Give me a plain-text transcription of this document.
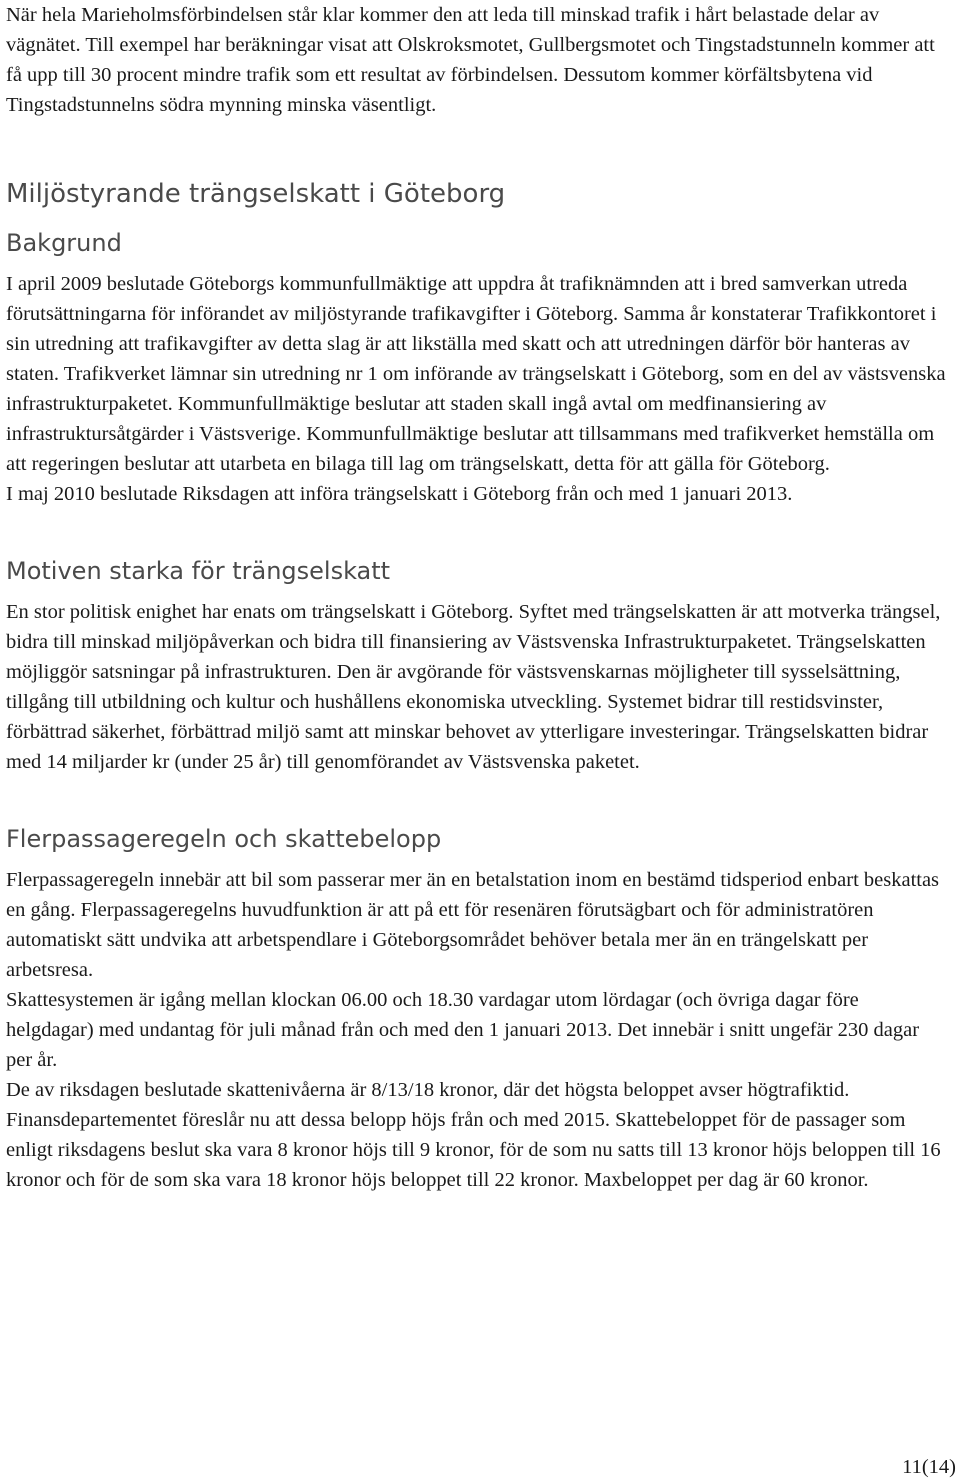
När hela Marieholmsförbindelsen står klar kommer den att leda till minskad trafik i hårt belastade delar av vägnätet. Till exempel har beräkningar visat att Olskroksmotet, Gullbergsmotet och Tingstadstunneln kommer att få upp till 30 procent mindre trafik som ett resultat av förbindelsen. Dessutom kommer körfältsbytena vid Tingstadstunnelns södra mynning minska väsentligt.

Miljöstyrande trängselskatt i Göteborg
Bakgrund

I april 2009 beslutade Göteborgs kommunfullmäktige att uppdra åt trafiknämnden att i bred samverkan utreda förutsättningarna för införandet av miljöstyrande trafikavgifter i Göteborg. Samma år konstaterar Trafikkontoret i sin utredning att trafikavgifter av detta slag är att likställa med skatt och att utredningen därför bör hanteras av staten. Trafikverket lämnar sin utredning nr 1 om införande av trängselskatt i Göteborg, som en del av västsvenska infrastrukturpaketet. Kommunfullmäktige beslutar att staden skall ingå avtal om medfinansiering av infrastruktursåtgärder i Västsverige. Kommunfullmäktige beslutar att tillsammans med trafikverket hemställa om att regeringen beslutar att utarbeta en bilaga till lag om trängselskatt, detta för att gälla för Göteborg.

I maj 2010 beslutade Riksdagen att införa trängselskatt i Göteborg från och med 1 januari 2013.

Motiven starka för trängselskatt

En stor politisk enighet har enats om trängselskatt i Göteborg. Syftet med trängselskatten är att motverka trängsel, bidra till minskad miljöpåverkan och bidra till finansiering av Västsvenska Infrastrukturpaketet. Trängselskatten möjliggör satsningar på infrastrukturen. Den är avgörande för västsvenskarnas möjligheter till sysselsättning, tillgång till utbildning och kultur och hushållens ekonomiska utveckling. Systemet bidrar till restidsvinster, förbättrad säkerhet, förbättrad miljö samt att minskar behovet av ytterligare investeringar. Trängselskatten bidrar med 14 miljarder kr (under 25 år) till genomförandet av Västsvenska paketet.

Flerpassageregeln och skattebelopp

Flerpassageregeln innebär att bil som passerar mer än en betalstation inom en bestämd tidsperiod enbart beskattas en gång. Flerpassageregelns huvudfunktion är att på ett för resenären förutsägbart och för administratören automatiskt sätt undvika att arbetspendlare i Göteborgsområdet behöver betala mer än en trängelskatt per arbetsresa.

Skattesystemen är igång mellan klockan 06.00 och 18.30 vardagar utom lördagar (och övriga dagar före helgdagar) med undantag för juli månad från och med den 1 januari 2013. Det innebär i snitt ungefär 230 dagar per år.

De av riksdagen beslutade skattenivåerna är 8/13/18 kronor, där det högsta beloppet avser högtrafiktid. Finansdepartementet föreslår nu att dessa belopp höjs från och med 2015. Skattebeloppet för de passager som enligt riksdagens beslut ska vara 8 kronor höjs till 9 kronor, för de som nu satts till 13 kronor höjs beloppen till 16 kronor och för de som ska vara 18 kronor höjs beloppet till 22 kronor. Maxbeloppet per dag är 60 kronor.

11(14)
